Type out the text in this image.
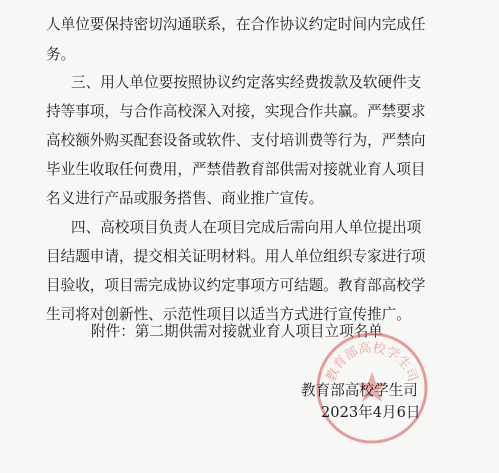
人单位要保持密切沟通联系，在合作协议约定时间内完成任
务。
三、用人单位要按照协议约定落实经费拨款及软硬件支
持等事项，与合作高校深入对接，实现合作共赢。严禁要求
高校额外购买配套设备或软件、支付培训费等行为，严禁向
毕业生收取任何费用，严禁借教育部供需对接就业育人项目
名义进行产品或服务搭售、商业推广宣传。
四、高校项目负责人在项目完成后需向用人单位提出项
目结题申请，提交相关证明材料。用人单位组织专家进行项
目验收，项目需完成协议约定事项方可结题。教育部高校学
生司将对创新性、示范性项目以适当方式进行宣传推广。
附件：第二期供需对接就业育人项目立项名单
教育部高校学生司
教育部高校学生司
2023年4月6日
